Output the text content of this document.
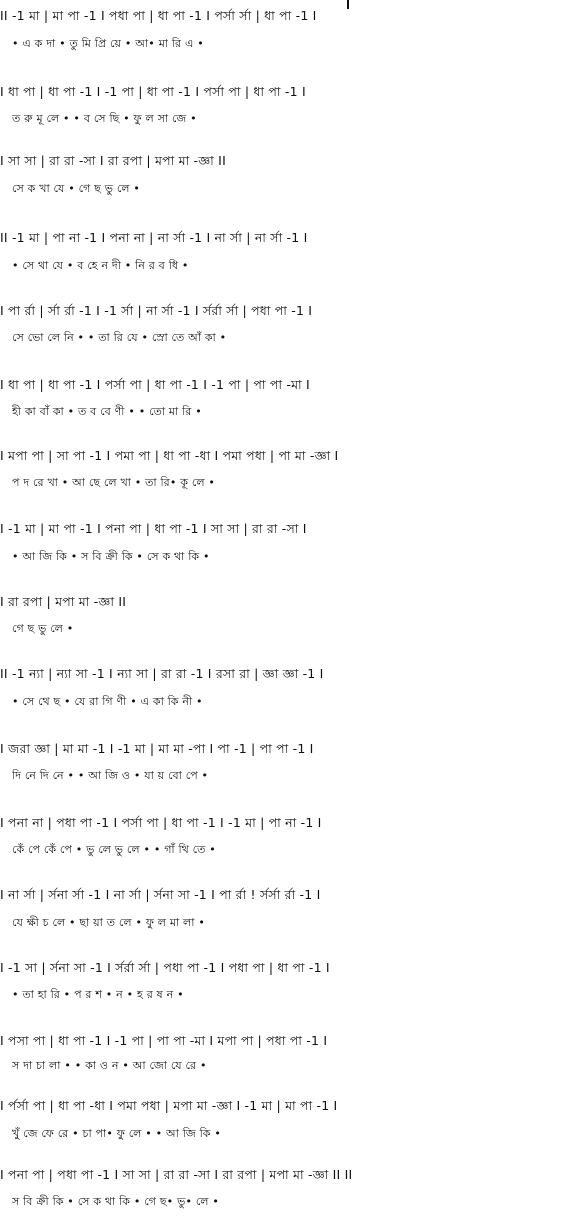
II -1 মা | মা পা -1 I পধা পা | ধা পা -1 I পর্সা র্সা | ধা পা -1 I
• এ ক দা • তু মি প্রি য়ে • আ• মা রি এ •
I ধা পা | ধা পা -1 I -1 পা | ধা পা -1 I পর্সা পা | ধা পা -1 I
ত রু মূ লে • • ব সে ছি • ফু ল সা জে •
I সা সা | রা রা -সা I রা রপা | মপা মা -জ্ঞা II
সে ক খা যে • গে ছ ভু লে •
II -1 মা | পা না -1 I পনা না | না র্সা -1 I না র্সা | না র্সা -1 I
• সে থা যে • ব হে ন দী • নি র ব ধি •
I পা র্রা | র্সা র্রা -1 I -1 র্সা | না র্সা -1 I র্সর্রা র্সা | পধা পা -1 I
সে ভো লে নি • • তা রি যে • স্রো তে আঁ কা •
I ধা পা | ধা পা -1 I পর্সা পা | ধা পা -1 I -1 পা | পা পা -মা I
হী কা বাঁ কা • ত ব বে ণী • • তো মা রি •
I মপা পা | সা পা -1 I পমা পা | ধা পা -ধা I পমা পধা | পা মা -জ্ঞা I
প দ রে খা • আ ছে লে খা • তা রি• কূ লে •
I -1 মা | মা পা -1 I পনা পা | ধা পা -1 I সা সা | রা রা -সা I
• আ জি কি • স বি ক্রী কি • সে ক থা কি •
I রা রপা | মপা মা -জ্ঞা II
গে ছ ভু লে •
II -1 ন্যা | ন্যা সা -1 I ন্যা সা | রা রা -1 I রসা রা | জ্ঞা জ্ঞা -1 I
• সে থে ছ • যে রা গি ণী • এ কা কি নী •
I জরা জ্ঞা | মা মা -1 I -1 মা | মা মা -পা I পা -1 | পা পা -1 I
দি নে দি নে • • আ জি ও • যা য় বো পে •
I পনা না | পধা পা -1 I পর্সা পা | ধা পা -1 I -1 মা | পা না -1 I
কেঁ পে কেঁ পে • ভু লে ভু লে • • গাঁ থি তে •
I না র্সা | র্সনা র্সা -1 I না র্সা | র্সনা সা -1 I পা র্রা ! র্সর্সা র্রা -1 I
যে ক্ষী চ লে • ছা য়া ত লে • ফু ল মা লা •
I -1 সা | র্সনা সা -1 I র্সর্রা র্সা | পধা পা -1 I পধা পা | ধা পা -1 I
• তা হা রি • প র শ • ন • হ র ষ ন •
I পসা পা | ধা পা -1 I -1 পা | পা পা -মা I মপা পা | পধা পা -1 I
স দা চা লা • • কা ও ন • আ জো যে রে •
I র্পর্সা পা | ধা পা -ধা I পমা পধা | মপা মা -জ্ঞা I -1 মা | মা পা -1 I
খুঁ জে ফে রে • চা পা• ফু লে • • আ জি কি •
I পনা পা | পধা পা -1 I সা সা | রা রা -সা I রা রপা | মপা মা -জ্ঞা II II
স বি ক্রী কি • সে ক থা কি • গে ছ• ভু• লে •
